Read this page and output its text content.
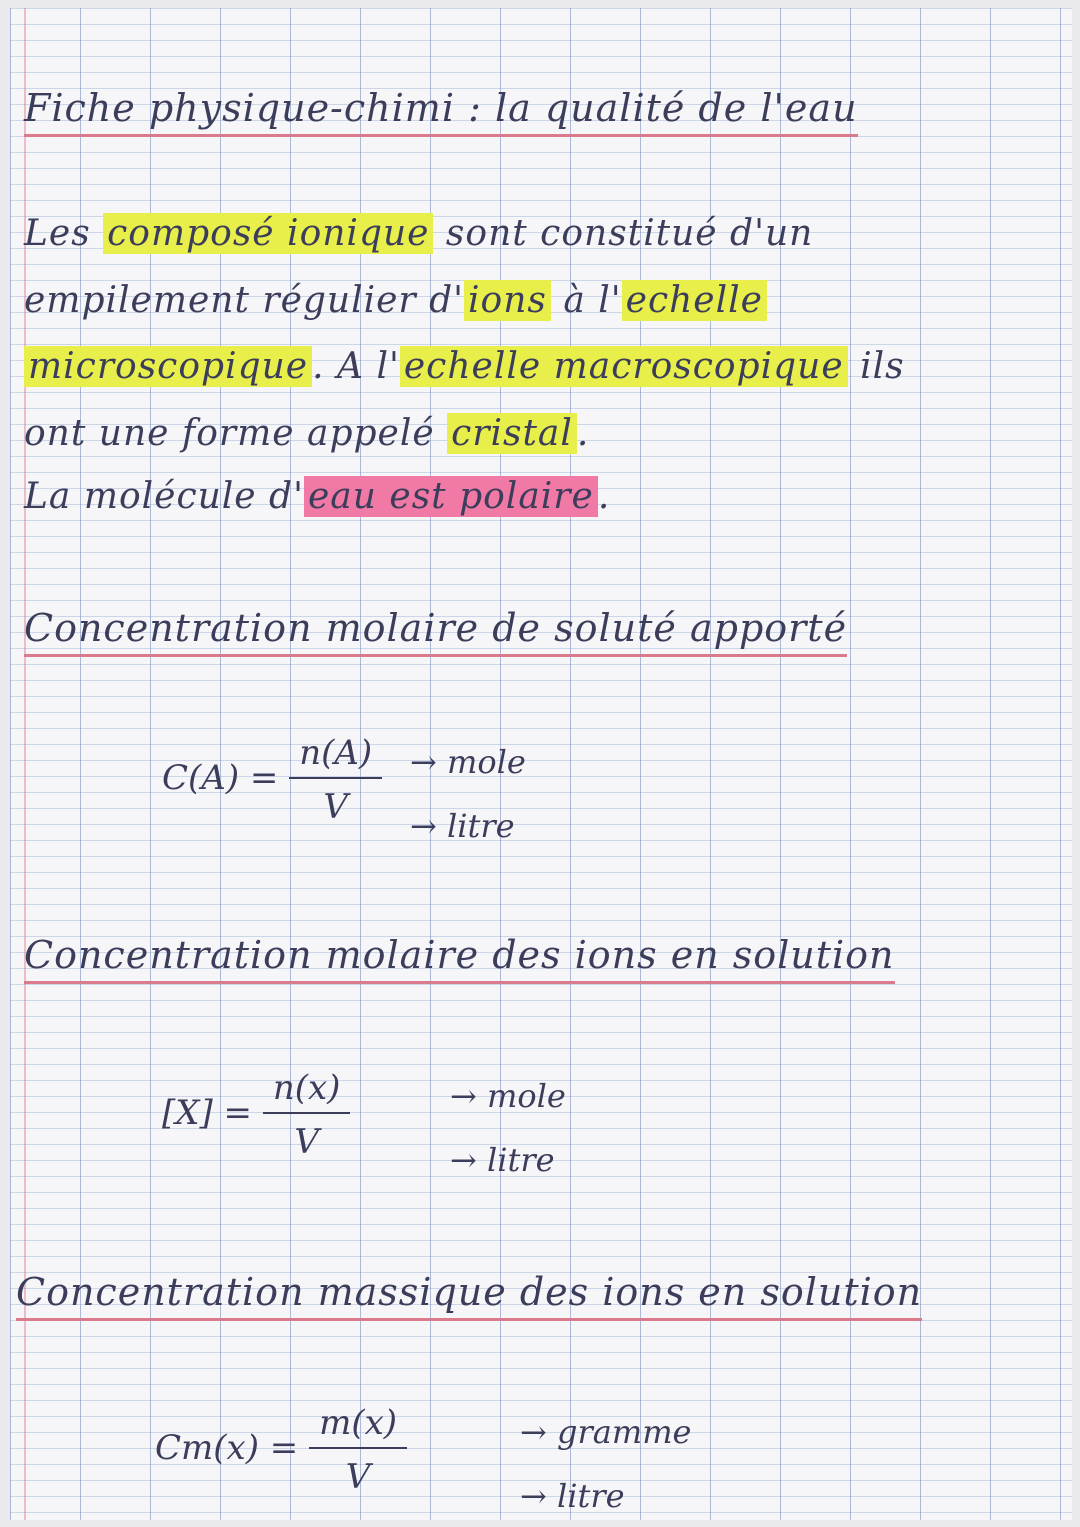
Fiche physique-chimi : la qualité de l'eau
Les composé ionique sont constitué d'un
empilement régulier d' ions à l' echelle
microscopique . A l' echelle macroscopique ils
ont une forme appelé cristal .
La molécule d' eau est polaire .
Concentration molaire de soluté apporté
$C(A) = \frac{n(A)}{V}$ → mole
→ litre
Concentration molaire des ions en solution
$[X] = \frac{n(x)}{V}$	→ mole
→ litre
Concentration massique des ions en solution
$Cm(x) = \frac{m(x)}{V}$	→ gramme
→ litre
